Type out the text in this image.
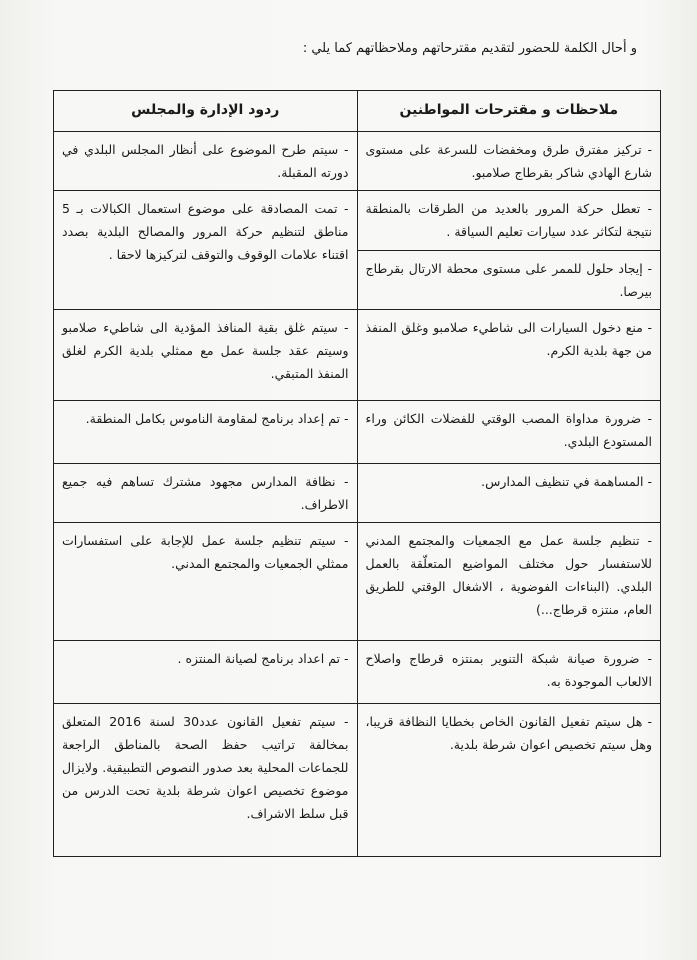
و أحال الكلمة للحضور لتقديم مقترحاتهم وملاحظاتهم كما يلي :
ملاحظات و مقترحات المواطنين	ردود الإدارة والمجلس
- تركيز مفترق طرق ومخفضات للسرعة على مستوى شارع الهادي شاكر بقرطاج صلامبو.	- سيتم طرح الموضوع على أنظار المجلس البلدي في دورته المقبلة.
- تعطل حركة المرور بالعديد من الطرقات بالمنطقة نتيجة لتكاثر عدد سيارات تعليم السياقة .	- تمت المصادقة على موضوع استعمال الكبالات بـ 5 مناطق لتنظيم حركة المرور والمصالح البلدية بصدد اقتناء علامات الوقوف والتوقف لتركيزها لاحقا .
- إيجاد حلول للممر على مستوى محطة الارتال بقرطاج بيرصا.	
- منع دخول السيارات الى شاطيء صلامبو وغلق المنفذ من جهة بلدية الكرم.	- سيتم غلق بقية المنافذ المؤدية الى شاطيء صلامبو وسيتم عقد جلسة عمل مع ممثلي بلدية الكرم لغلق المنفذ المتبقي.
- ضرورة مداواة المصب الوقتي للفضلات الكائن وراء المستودع البلدي.	- تم إعداد برنامج لمقاومة الناموس بكامل المنطقة.
- المساهمة في تنظيف المدارس.	- نظافة المدارس مجهود مشترك تساهم فيه جميع الاطراف.
- تنظيم جلسة عمل مع الجمعيات والمجتمع المدني للاستفسار حول مختلف المواضيع المتعلّقة بالعمل البلدي. (البناءات الفوضوية ، الاشغال الوقتي للطريق العام، منتزه قرطاج...)	- سيتم تنظيم جلسة عمل للإجابة على استفسارات ممثلي الجمعيات والمجتمع المدني.
- ضرورة صيانة شبكة التنوير بمنتزه قرطاج واصلاح الالعاب الموجودة به.	- تم اعداد برنامج لصيانة المنتزه .
- هل سيتم تفعيل القانون الخاص بخطايا النظافة قريبا، وهل سيتم تخصيص اعوان شرطة بلدية.	- سيتم تفعيل القانون عدد30 لسنة 2016 المتعلق بمخالفة تراتيب حفظ الصحة بالمناطق الراجعة للجماعات المحلية بعد صدور النصوص التطبيقية. ولايزال موضوع تخصيص اعوان شرطة بلدية تحت الدرس من قبل سلط الاشراف.
